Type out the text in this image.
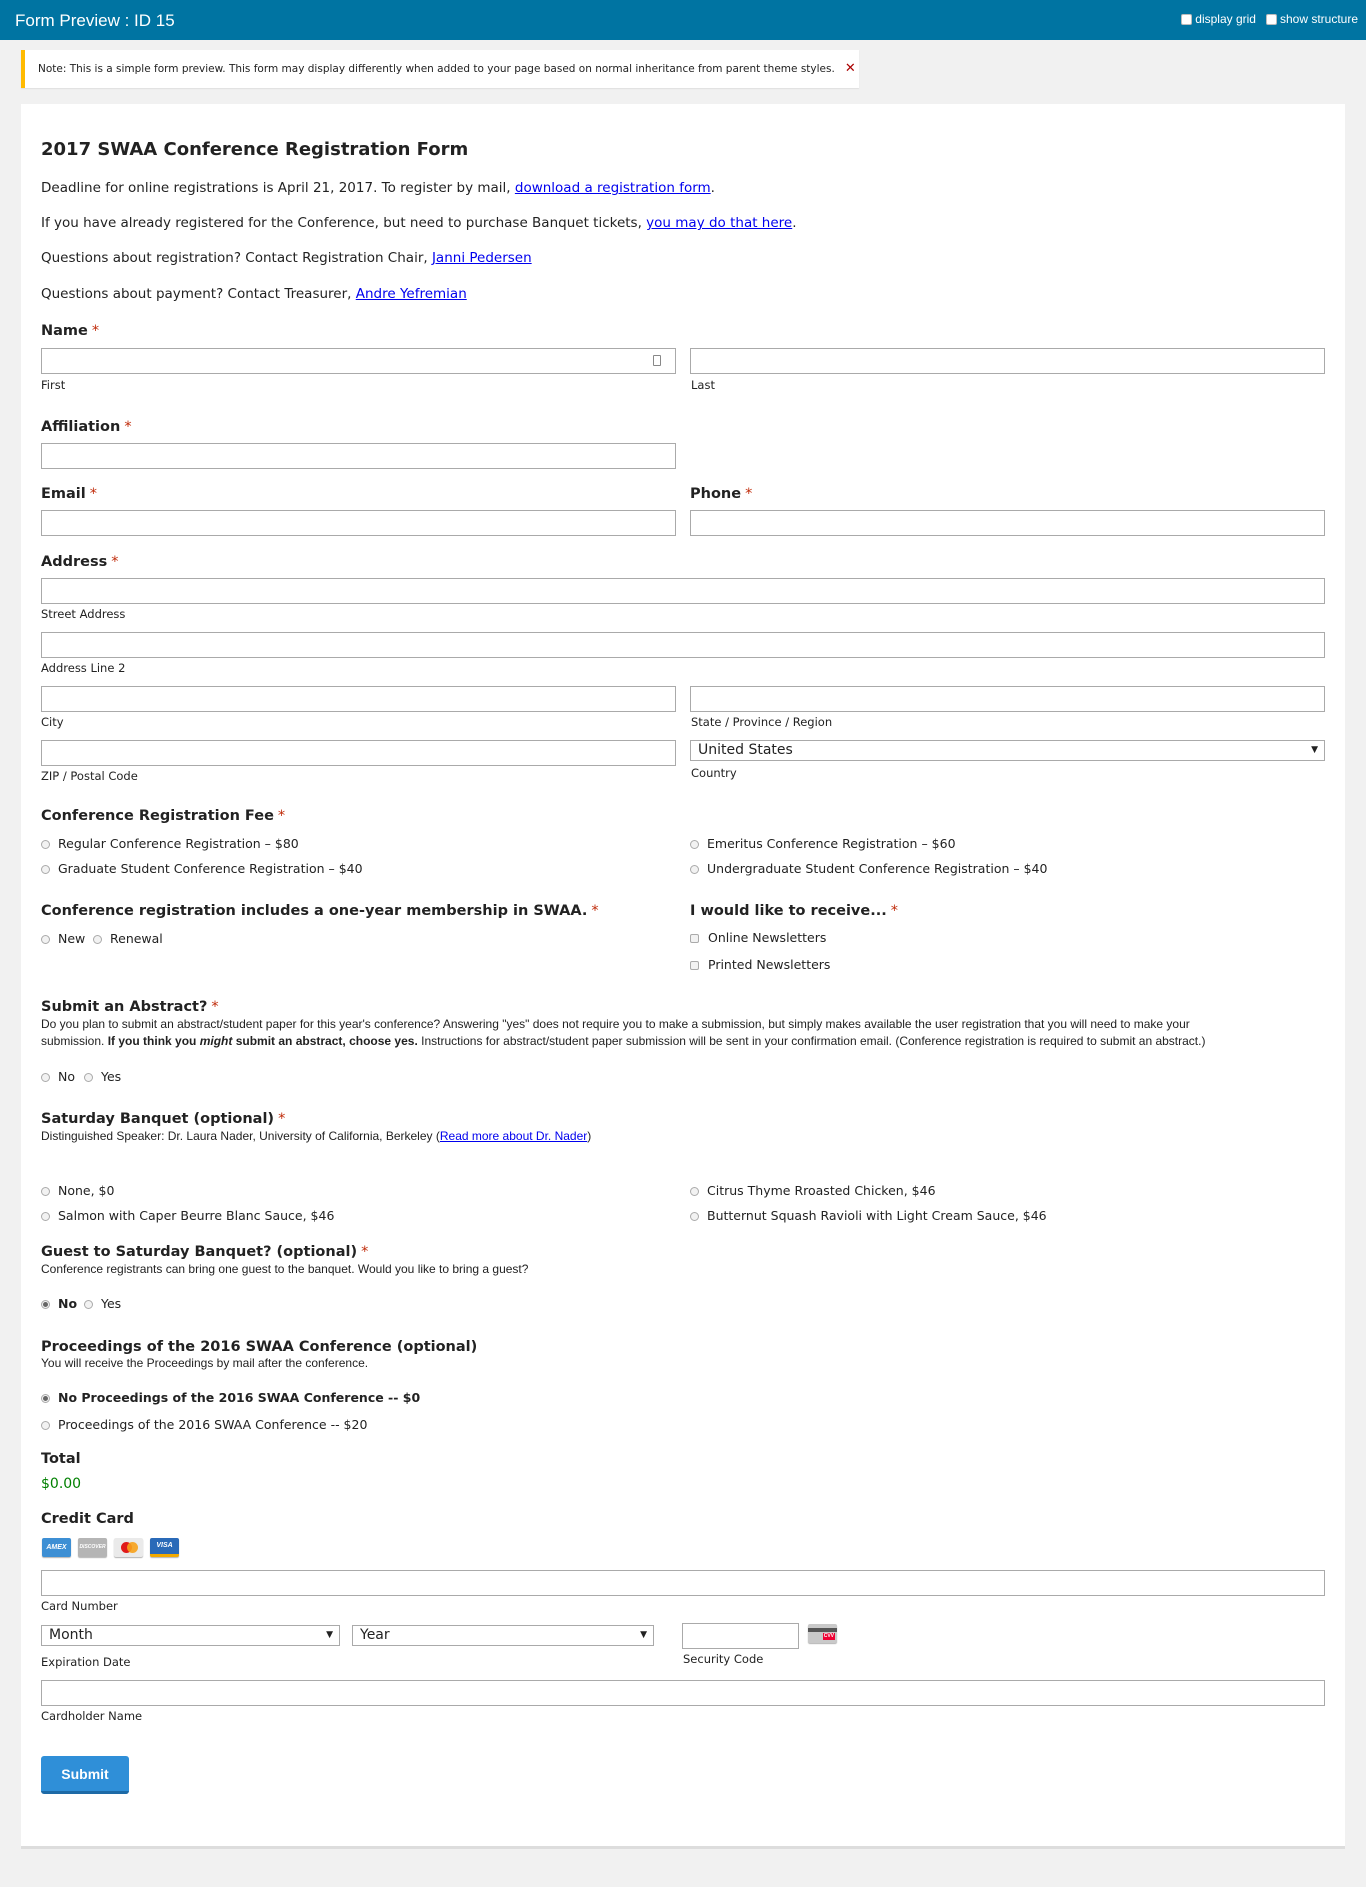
Form Preview : ID 15	display grid show structure
Note: This is a simple form preview. This form may display differently when added to your page based on normal inheritance from parent theme styles. ✕
2017 SWAA Conference Registration Form
Deadline for online registrations is April 21, 2017. To register by mail, download a registration form.
If you have already registered for the Conference, but need to purchase Banquet tickets, you may do that here.
Questions about registration? Contact Registration Chair, Janni Pedersen
Questions about payment? Contact Treasurer, Andre Yefremian
Name *
First	Last
Affiliation *
Email *	Phone *
Address *
Street Address
Address Line 2
City	State / Province / Region
ZIP / Postal Code
United States	▼
Country
Conference Registration Fee *
Regular Conference Registration – $80	Emeritus Conference Registration – $60
Graduate Student Conference Registration – $40	Undergraduate Student Conference Registration – $40
Conference registration includes a one-year membership in SWAA. *
New Renewal
I would like to receive... *
Online Newsletters
Printed Newsletters
Submit an Abstract? *
Do you plan to submit an abstract/student paper for this year's conference? Answering "yes" does not require you to make a submission, but simply makes available the user registration that you will need to make your
submission. If you think you might submit an abstract, choose yes. Instructions for abstract/student paper submission will be sent in your confirmation email. (Conference registration is required to submit an abstract.)
No Yes
Saturday Banquet (optional) *
Distinguished Speaker: Dr. Laura Nader, University of California, Berkeley (Read more about Dr. Nader)
None, $0	Citrus Thyme Rroasted Chicken, $46
Salmon with Caper Beurre Blanc Sauce, $46	Butternut Squash Ravioli with Light Cream Sauce, $46
Guest to Saturday Banquet? (optional) *
Conference registrants can bring one guest to the banquet. Would you like to bring a guest?
No Yes
Proceedings of the 2016 SWAA Conference (optional)
You will receive the Proceedings by mail after the conference.
No Proceedings of the 2016 SWAA Conference -- $0
Proceedings of the 2016 SWAA Conference -- $20
Total
$0.00
Credit Card
AMEX	DISCOVER	VISA
Card Number
Month	▼	Year	▼
Expiration Date
CVV
Security Code
Cardholder Name
Submit
